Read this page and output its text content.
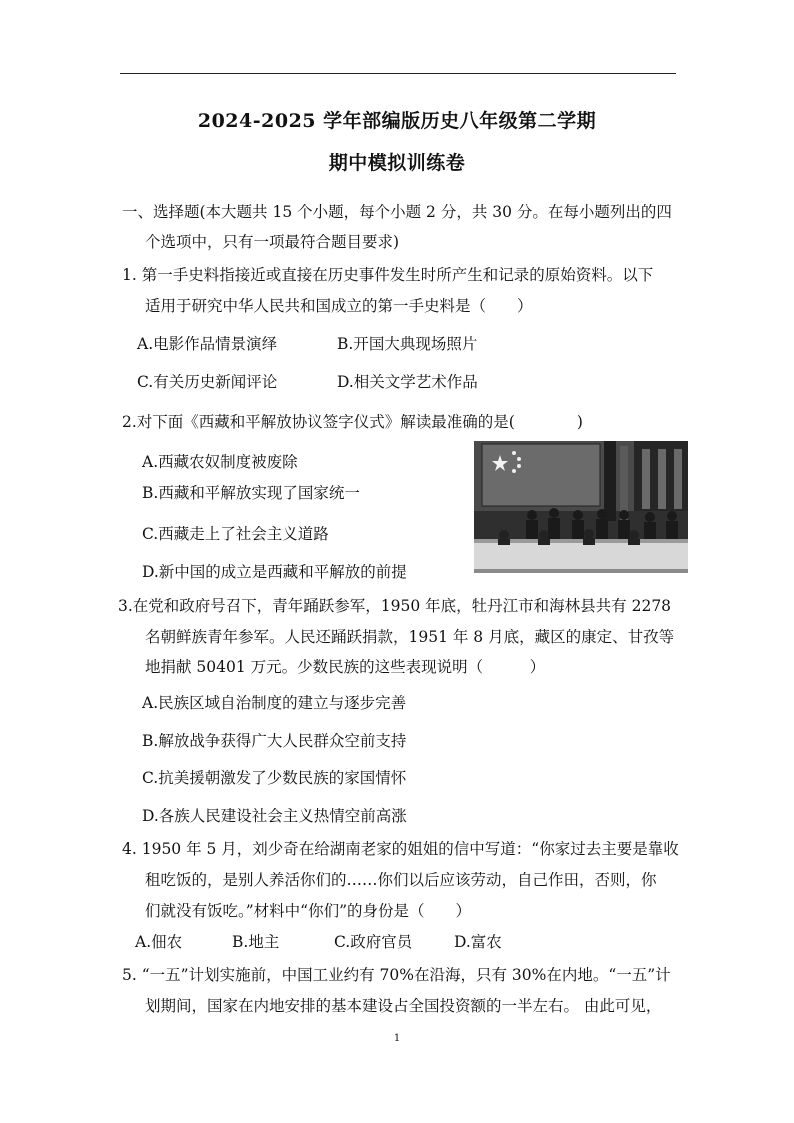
2024-2025 学年部编版历史八年级第二学期
期中模拟训练卷
一、选择题(本大题共 15 个小题，每个小题 2 分，共 30 分。在每小题列出的四
个选项中，只有一项最符合题目要求)
1. 第一手史料指接近或直接在历史事件发生时所产生和记录的原始资料。以下
适用于研究中华人民共和国成立的第一手史料是（　　）
A.电影作品情景演绎	B.开国大典现场照片
C.有关历史新闻评论	D.相关文学艺术作品
2.对下面《西藏和平解放协议签字仪式》解读最准确的是(　　　　)
A.西藏农奴制度被废除
B.西藏和平解放实现了国家统一
C.西藏走上了社会主义道路
D.新中国的成立是西藏和平解放的前提
3.在党和政府号召下，青年踊跃参军，1950 年底，牡丹江市和海林县共有 2278
名朝鲜族青年参军。人民还踊跃捐款，1951 年 8 月底，藏区的康定、甘孜等
地捐献 50401 万元。少数民族的这些表现说明（　　　）
A.民族区域自治制度的建立与逐步完善
B.解放战争获得广大人民群众空前支持
C.抗美援朝激发了少数民族的家国情怀
D.各族人民建设社会主义热情空前高涨
4. 1950 年 5 月，刘少奇在给湖南老家的姐姐的信中写道：“你家过去主要是靠收
租吃饭的，是别人养活你们的……你们以后应该劳动，自己作田，否则，你
们就没有饭吃。”材料中“你们”的身份是（　　）
A.佃农	B.地主	C.政府官员	D.富农
5. “一五”计划实施前，中国工业约有 70%在沿海，只有 30%在内地。“一五”计
划期间，国家在内地安排的基本建设占全国投资额的一半左右。 由此可见，
1
